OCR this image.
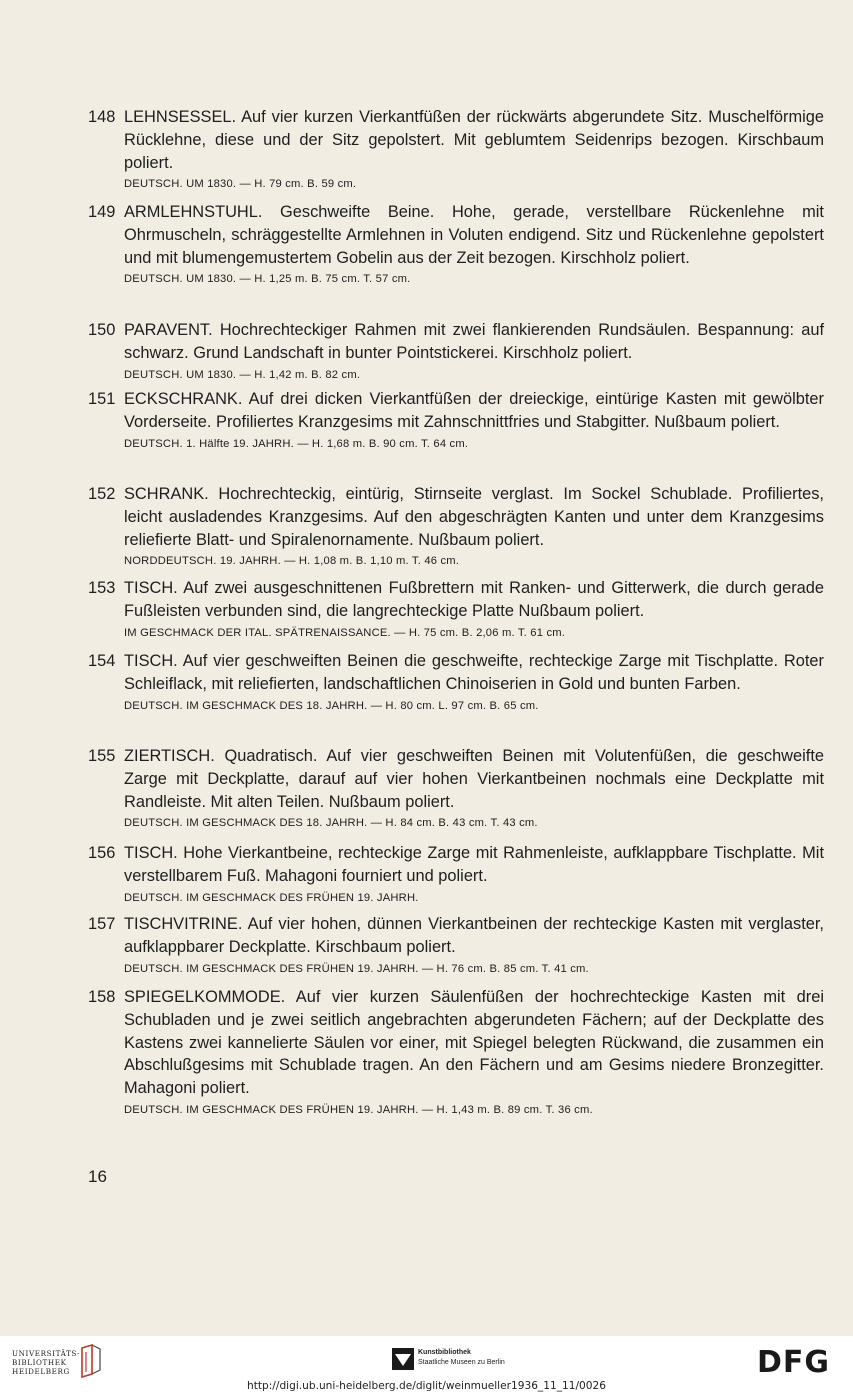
148 LEHNSESSEL. Auf vier kurzen Vierkantfüßen der rückwärts abgerundete Sitz. Muschelförmige Rücklehne, diese und der Sitz gepolstert. Mit geblumtem Seidenrips bezogen. Kirschbaum poliert.
DEUTSCH. UM 1830. — H. 79 cm. B. 59 cm.
149 ARMLEHNSTUHL. Geschweifte Beine. Hohe, gerade, verstellbare Rückenlehne mit Ohrmuscheln, schräggestellte Armlehnen in Voluten endigend. Sitz und Rückenlehne gepolstert und mit blumengemustertem Gobelin aus der Zeit bezogen. Kirschholz poliert.
DEUTSCH. UM 1830. — H. 1,25 m. B. 75 cm. T. 57 cm.
150 PARAVENT. Hochrechteckiger Rahmen mit zwei flankierenden Rundsäulen. Bespannung: auf schwarz. Grund Landschaft in bunter Pointstickerei. Kirschholz poliert.
DEUTSCH. UM 1830. — H. 1,42 m. B. 82 cm.
151 ECKSCHRANK. Auf drei dicken Vierkantfüßen der dreieckige, eintürige Kasten mit gewölbter Vorderseite. Profiliertes Kranzgesims mit Zahnschnittfries und Stabgitter. Nußbaum poliert.
DEUTSCH. 1. Hälfte 19. JAHRH. — H. 1,68 m. B. 90 cm. T. 64 cm.
152 SCHRANK. Hochrechteckig, eintürig, Stirnseite verglast. Im Sockel Schublade. Profiliertes, leicht ausladendes Kranzgesims. Auf den abgeschrägten Kanten und unter dem Kranzgesims reliefierte Blatt- und Spiralenornamente. Nußbaum poliert.
NORDDEUTSCH. 19. JAHRH. — H. 1,08 m. B. 1,10 m. T. 46 cm.
153 TISCH. Auf zwei ausgeschnittenen Fußbrettern mit Ranken- und Gitterwerk, die durch gerade Fußleisten verbunden sind, die langrechteckige Platte Nußbaum poliert.
IM GESCHMACK DER ITAL. SPÄTRENAISSANCE. — H. 75 cm. B. 2,06 m. T. 61 cm.
154 TISCH. Auf vier geschweiften Beinen die geschweifte, rechteckige Zarge mit Tischplatte. Roter Schleiflack, mit reliefierten, landschaftlichen Chinoiserien in Gold und bunten Farben.
DEUTSCH. IM GESCHMACK DES 18. JAHRH. — H. 80 cm. L. 97 cm. B. 65 cm.
155 ZIERTISCH. Quadratisch. Auf vier geschweiften Beinen mit Volutenfüßen, die geschweifte Zarge mit Deckplatte, darauf auf vier hohen Vierkantbeinen nochmals eine Deckplatte mit Randleiste. Mit alten Teilen. Nußbaum poliert.
DEUTSCH. IM GESCHMACK DES 18. JAHRH. — H. 84 cm. B. 43 cm. T. 43 cm.
156 TISCH. Hohe Vierkantbeine, rechteckige Zarge mit Rahmenleiste, aufklappbare Tischplatte. Mit verstellbarem Fuß. Mahagoni fourniert und poliert.
DEUTSCH. IM GESCHMACK DES FRÜHEN 19. JAHRH.
157 TISCHVITRINE. Auf vier hohen, dünnen Vierkantbeinen der rechteckige Kasten mit verglaster, aufklappbarer Deckplatte. Kirschbaum poliert.
DEUTSCH. IM GESCHMACK DES FRÜHEN 19. JAHRH. — H. 76 cm. B. 85 cm. T. 41 cm.
158 SPIEGELKOMMODE. Auf vier kurzen Säulenfüßen der hochrechteckige Kasten mit drei Schubladen und je zwei seitlich angebrachten abgerundeten Fächern; auf der Deckplatte des Kastens zwei kannelierte Säulen vor einer, mit Spiegel belegten Rückwand, die zusammen ein Abschlußgesims mit Schublade tragen. An den Fächern und am Gesims niedere Bronzegitter. Mahagoni poliert.
DEUTSCH. IM GESCHMACK DES FRÜHEN 19. JAHRH. — H. 1,43 m. B. 89 cm. T. 36 cm.
16
UNIVERSITÄTS-
BIBLIOTHEK
HEIDELBERG
Kunstbibliothek
Staatliche Museen zu Berlin	DFG
http://digi.ub.uni-heidelberg.de/diglit/weinmueller1936_11_11/0026
